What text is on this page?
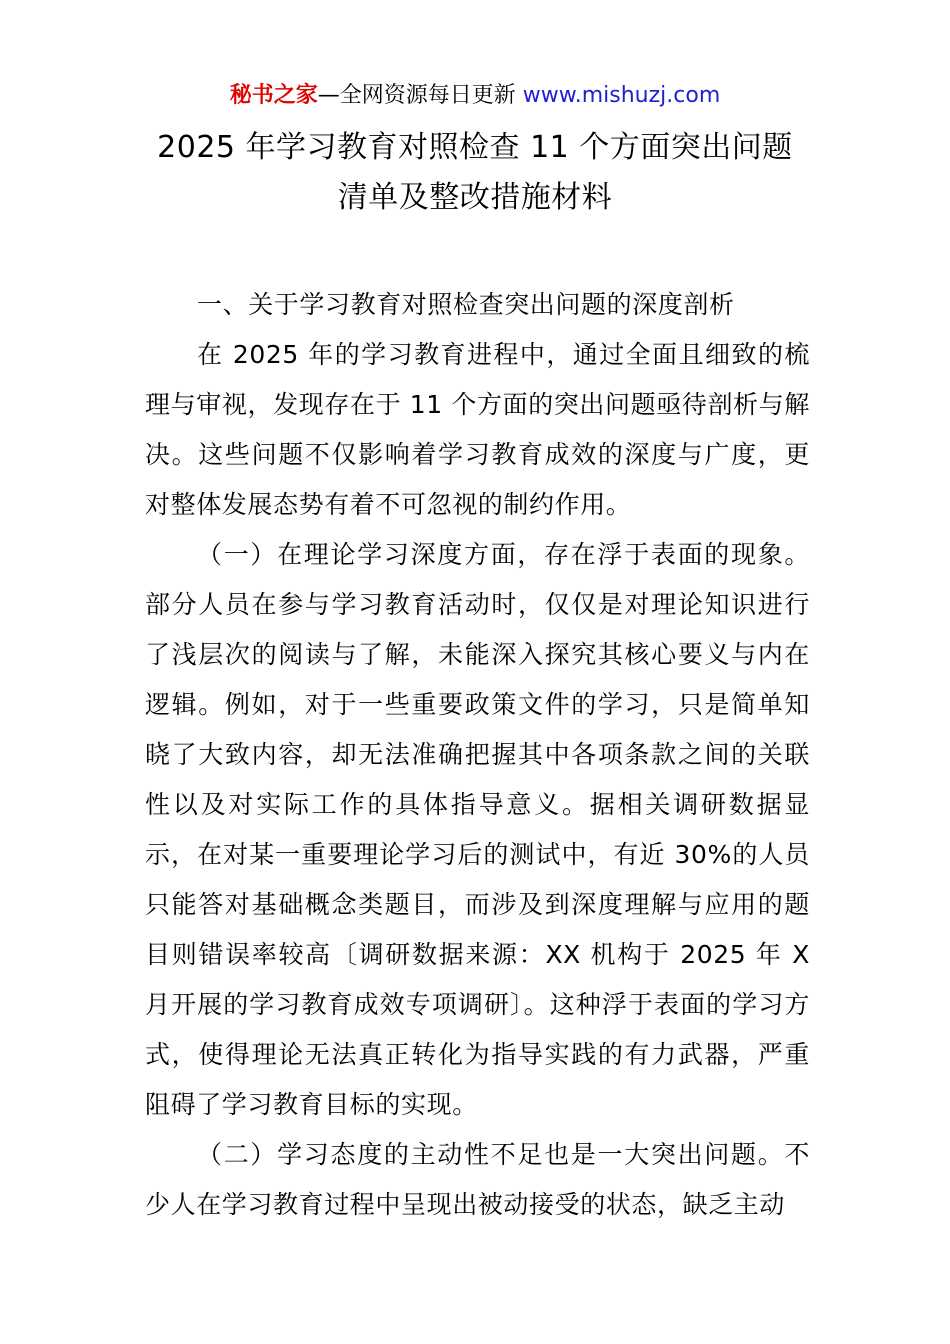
秘书之家—全网资源每日更新 www.mishuzj.com
2025 年学习教育对照检查 11 个方面突出问题
清单及整改措施材料

一、关于学习教育对照检查突出问题的深度剖析

在 2025 年的学习教育进程中，通过全面且细致的梳理与审视，发现存在于 11 个方面的突出问题亟待剖析与解决。这些问题不仅影响着学习教育成效的深度与广度，更对整体发展态势有着不可忽视的制约作用。

（一）在理论学习深度方面，存在浮于表面的现象。部分人员在参与学习教育活动时，仅仅是对理论知识进行了浅层次的阅读与了解，未能深入探究其核心要义与内在逻辑。例如，对于一些重要政策文件的学习，只是简单知晓了大致内容，却无法准确把握其中各项条款之间的关联性以及对实际工作的具体指导意义。据相关调研数据显示，在对某一重要理论学习后的测试中，有近 30%的人员只能答对基础概念类题目，而涉及到深度理解与应用的题目则错误率较高〔调研数据来源：XX 机构于 2025 年 X 月开展的学习教育成效专项调研〕。这种浮于表面的学习方式，使得理论无法真正转化为指导实践的有力武器，严重阻碍了学习教育目标的实现。

（二）学习态度的主动性不足也是一大突出问题。不少人在学习教育过程中呈现出被动接受的状态，缺乏主动
